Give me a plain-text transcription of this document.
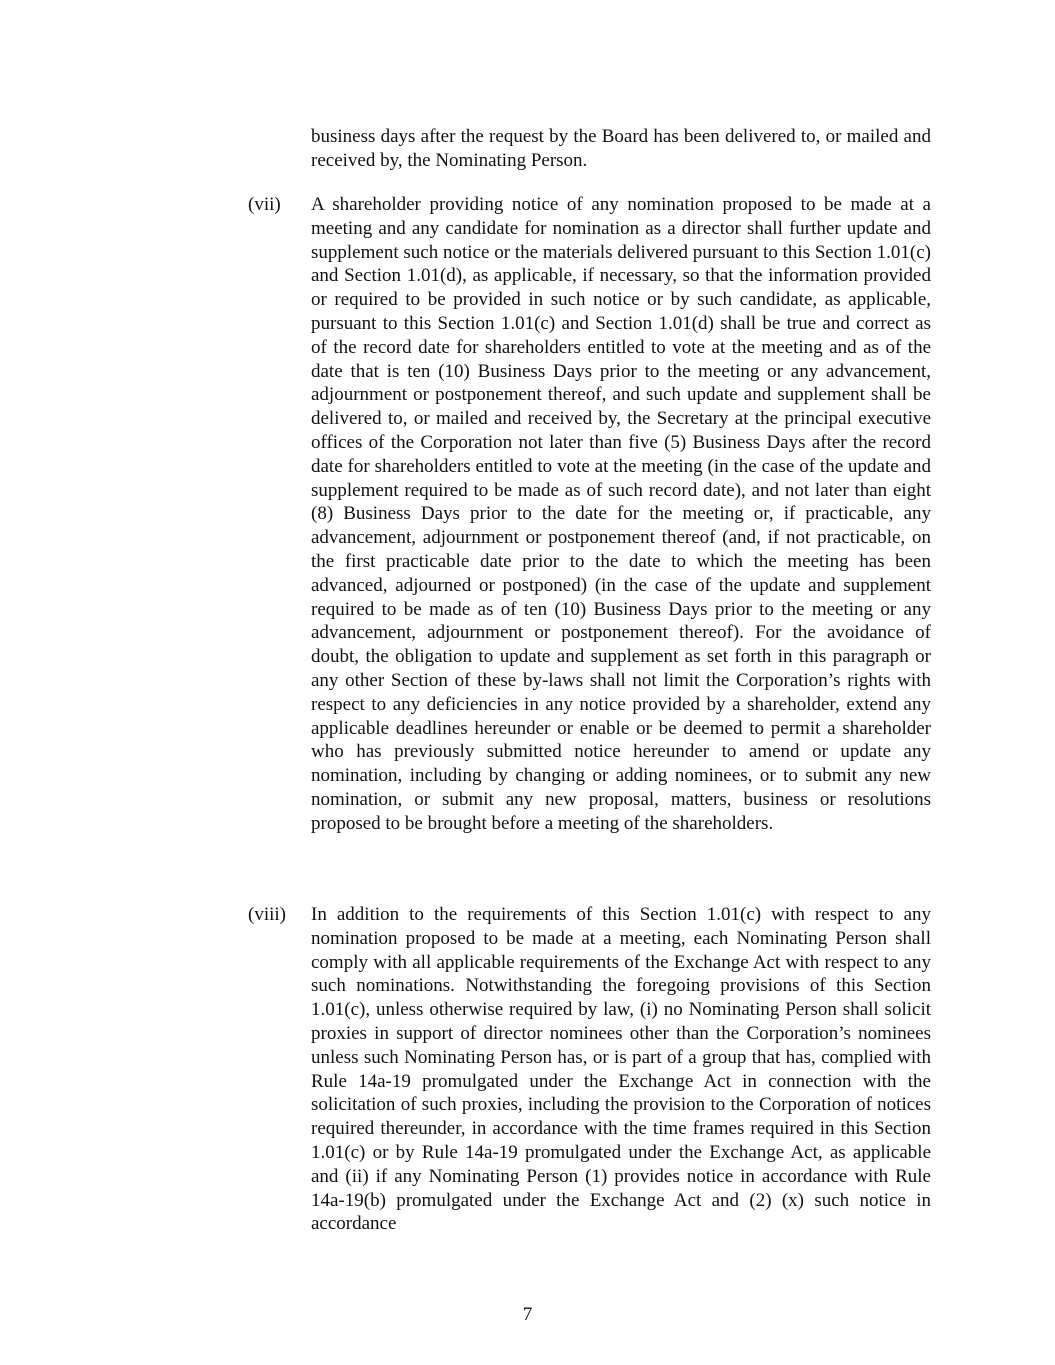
business days after the request by the Board has been delivered to, or mailed and received by, the Nominating Person.
(vii) A shareholder providing notice of any nomination proposed to be made at a meeting and any candidate for nomination as a director shall further update and supplement such notice or the materials delivered pursuant to this Section 1.01(c) and Section 1.01(d), as applicable, if necessary, so that the information provided or required to be provided in such notice or by such candidate, as applicable, pursuant to this Section 1.01(c) and Section 1.01(d) shall be true and correct as of the record date for shareholders entitled to vote at the meeting and as of the date that is ten (10) Business Days prior to the meeting or any advancement, adjournment or postponement thereof, and such update and supplement shall be delivered to, or mailed and received by, the Secretary at the principal executive offices of the Corporation not later than five (5) Business Days after the record date for shareholders entitled to vote at the meeting (in the case of the update and supplement required to be made as of such record date), and not later than eight (8) Business Days prior to the date for the meeting or, if practicable, any advancement, adjournment or postponement thereof (and, if not practicable, on the first practicable date prior to the date to which the meeting has been advanced, adjourned or postponed) (in the case of the update and supplement required to be made as of ten (10) Business Days prior to the meeting or any advancement, adjournment or postponement thereof). For the avoidance of doubt, the obligation to update and supplement as set forth in this paragraph or any other Section of these by-laws shall not limit the Corporation’s rights with respect to any deficiencies in any notice provided by a shareholder, extend any applicable deadlines hereunder or enable or be deemed to permit a shareholder who has previously submitted notice hereunder to amend or update any nomination, including by changing or adding nominees, or to submit any new nomination, or submit any new proposal, matters, business or resolutions proposed to be brought before a meeting of the shareholders.
(viii) In addition to the requirements of this Section 1.01(c) with respect to any nomination proposed to be made at a meeting, each Nominating Person shall comply with all applicable requirements of the Exchange Act with respect to any such nominations. Notwithstanding the foregoing provisions of this Section 1.01(c), unless otherwise required by law, (i) no Nominating Person shall solicit proxies in support of director nominees other than the Corporation’s nominees unless such Nominating Person has, or is part of a group that has, complied with Rule 14a-19 promulgated under the Exchange Act in connection with the solicitation of such proxies, including the provision to the Corporation of notices required thereunder, in accordance with the time frames required in this Section 1.01(c) or by Rule 14a-19 promulgated under the Exchange Act, as applicable and (ii) if any Nominating Person (1) provides notice in accordance with Rule 14a-19(b) promulgated under the Exchange Act and (2) (x) such notice in accordance
7
